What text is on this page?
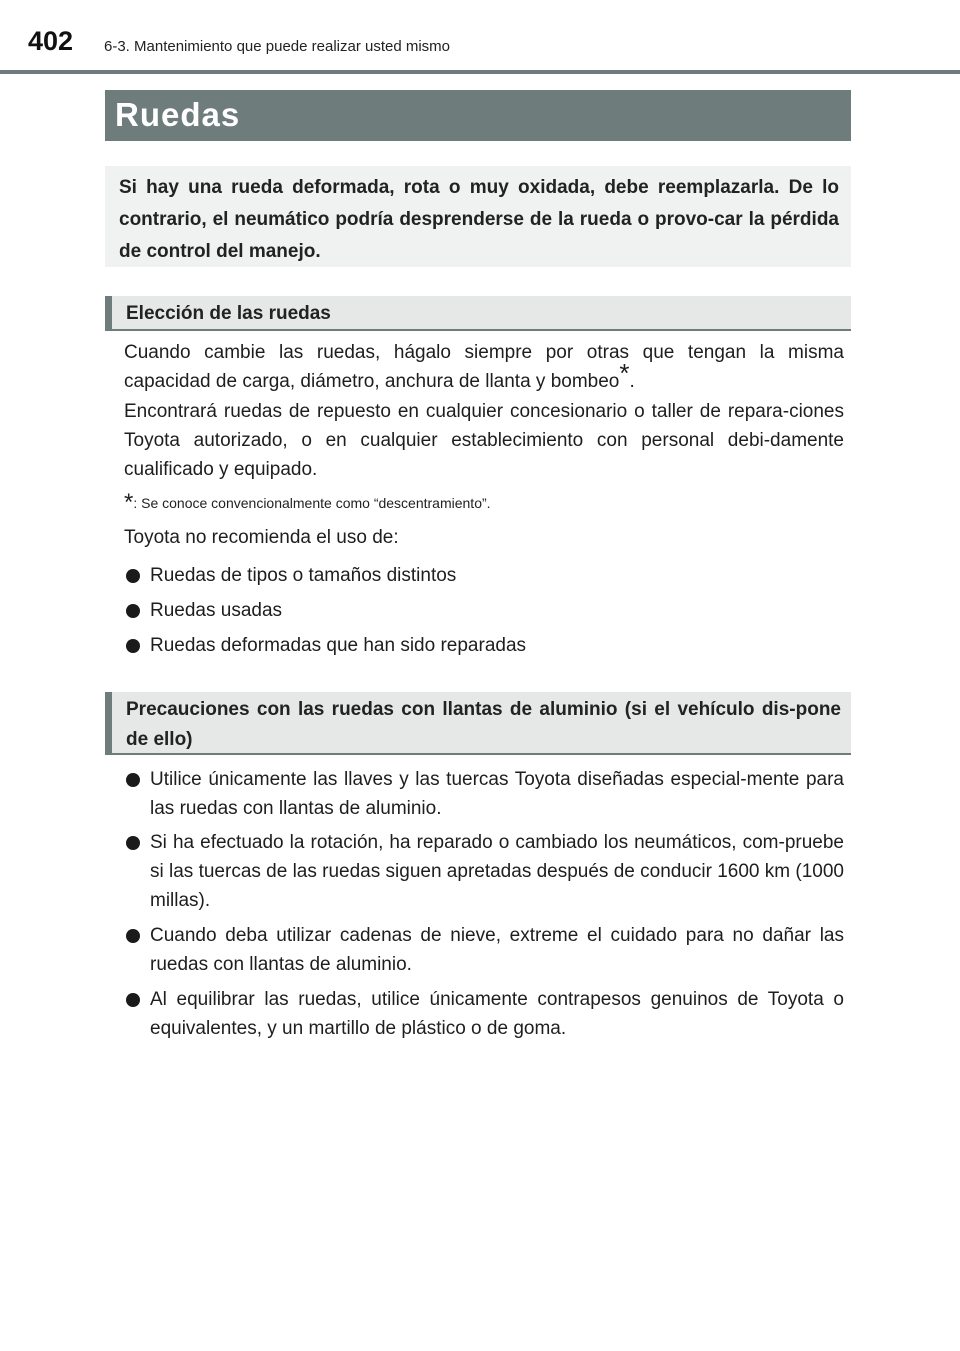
402 6-3. Mantenimiento que puede realizar usted mismo
Ruedas
Si hay una rueda deformada, rota o muy oxidada, debe reemplazarla. De lo contrario, el neumático podría desprenderse de la rueda o provo-car la pérdida de control del manejo.
Elección de las ruedas
Cuando cambie las ruedas, hágalo siempre por otras que tengan la misma capacidad de carga, diámetro, anchura de llanta y bombeo*.
Encontrará ruedas de repuesto en cualquier concesionario o taller de repara-ciones Toyota autorizado, o en cualquier establecimiento con personal debi-damente cualificado y equipado.
*: Se conoce convencionalmente como “descentramiento”.
Toyota no recomienda el uso de:
Ruedas de tipos o tamaños distintos
Ruedas usadas
Ruedas deformadas que han sido reparadas
Precauciones con las ruedas con llantas de aluminio (si el vehículo dis-pone de ello)
Utilice únicamente las llaves y las tuercas Toyota diseñadas especial-mente para las ruedas con llantas de aluminio.
Si ha efectuado la rotación, ha reparado o cambiado los neumáticos, com-pruebe si las tuercas de las ruedas siguen apretadas después de conducir 1600 km (1000 millas).
Cuando deba utilizar cadenas de nieve, extreme el cuidado para no dañar las ruedas con llantas de aluminio.
Al equilibrar las ruedas, utilice únicamente contrapesos genuinos de Toyota o equivalentes, y un martillo de plástico o de goma.
